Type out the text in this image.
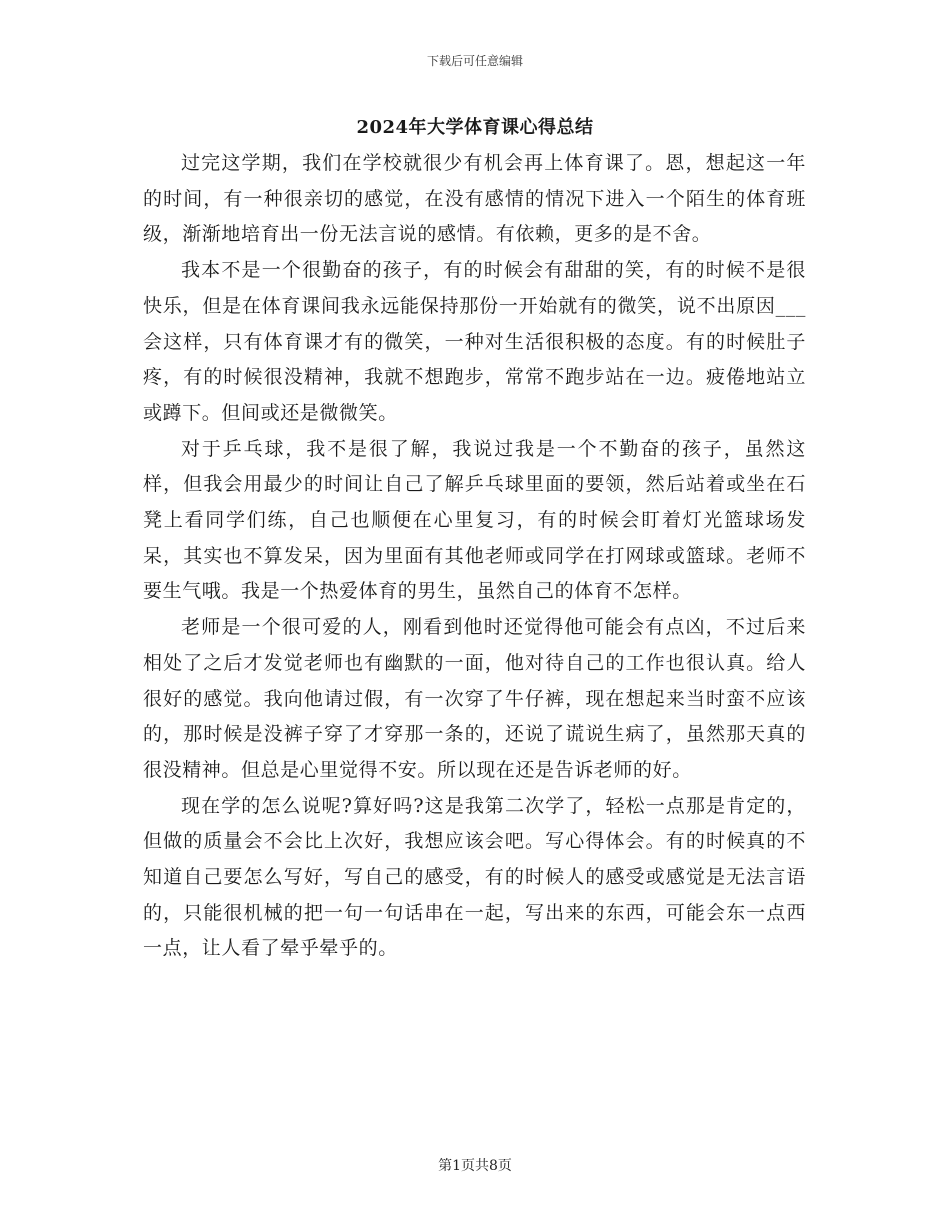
下载后可任意编辑
2024年大学体育课心得总结

过完这学期，我们在学校就很少有机会再上体育课了。恩，想起这一年的时间，有一种很亲切的感觉，在没有感情的情况下进入一个陌生的体育班级，渐渐地培育出一份无法言说的感情。有依赖，更多的是不舍。

我本不是一个很勤奋的孩子，有的时候会有甜甜的笑，有的时候不是很快乐，但是在体育课间我永远能保持那份一开始就有的微笑，说不出原因___会这样，只有体育课才有的微笑，一种对生活很积极的态度。有的时候肚子疼，有的时候很没精神，我就不想跑步，常常不跑步站在一边。疲倦地站立或蹲下。但间或还是微微笑。

对于乒乓球，我不是很了解，我说过我是一个不勤奋的孩子，虽然这样，但我会用最少的时间让自己了解乒乓球里面的要领，然后站着或坐在石凳上看同学们练，自己也顺便在心里复习，有的时候会盯着灯光篮球场发呆，其实也不算发呆，因为里面有其他老师或同学在打网球或篮球。老师不要生气哦。我是一个热爱体育的男生，虽然自己的体育不怎样。

老师是一个很可爱的人，刚看到他时还觉得他可能会有点凶，不过后来相处了之后才发觉老师也有幽默的一面，他对待自己的工作也很认真。给人很好的感觉。我向他请过假，有一次穿了牛仔裤，现在想起来当时蛮不应该的，那时候是没裤子穿了才穿那一条的，还说了谎说生病了，虽然那天真的很没精神。但总是心里觉得不安。所以现在还是告诉老师的好。

现在学的怎么说呢?算好吗?这是我第二次学了，轻松一点那是肯定的，但做的质量会不会比上次好，我想应该会吧。写心得体会。有的时候真的不知道自己要怎么写好，写自己的感受，有的时候人的感受或感觉是无法言语的，只能很机械的把一句一句话串在一起，写出来的东西，可能会东一点西一点，让人看了晕乎晕乎的。

第1页共8页
